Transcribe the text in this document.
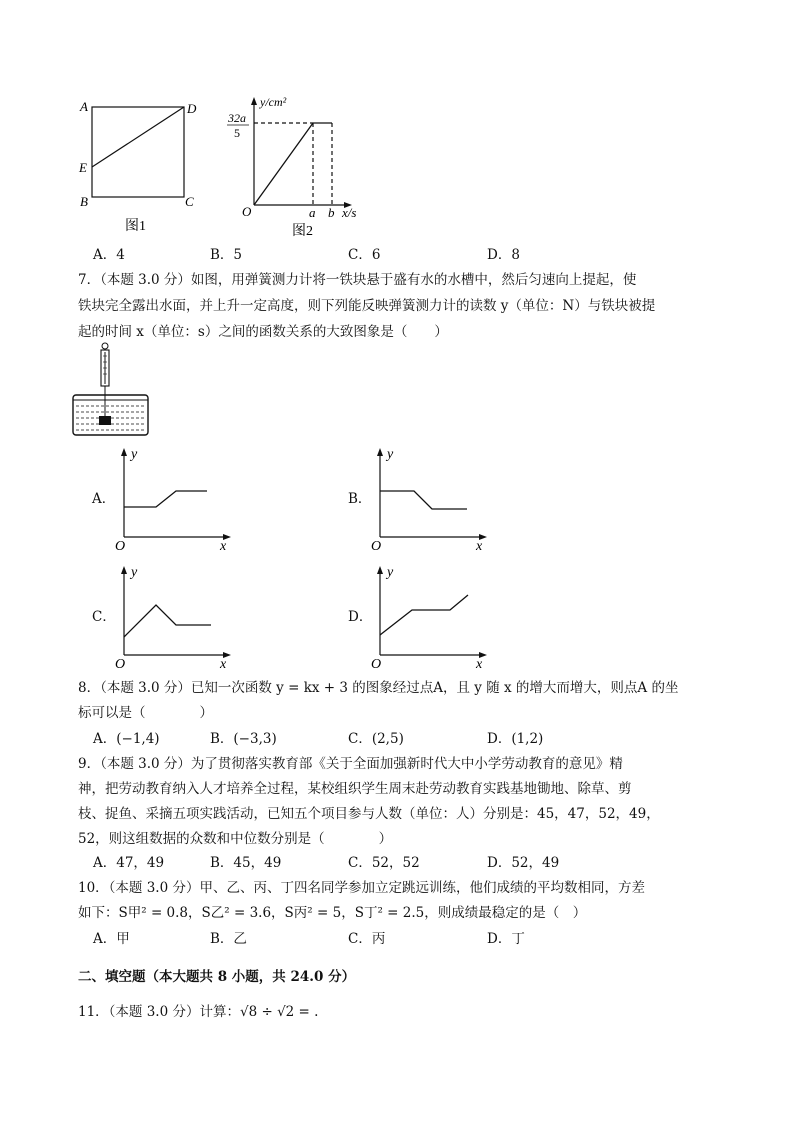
A	D
E
B	C
图1
y/cm²
32a
5
O	a b x/s
图2
A．4	B．5	C．6	D．8
7．（本题 3.0 分）如图，用弹簧测力计将一铁块悬于盛有水的水槽中，然后匀速向上提起，使
铁块完全露出水面，并上升一定高度，则下列能反映弹簧测力计的读数 y（单位：N）与铁块被提
起的时间 x（单位：s）之间的函数关系的大致图象是（　　）
A．
y
O	x
B．
y
O	x
C．
y
O	x
D．
y
O	x
8．（本题 3.0 分）已知一次函数 y = kx + 3 的图象经过点A，且 y 随 x 的增大而增大，则点A 的坐
标可以是（　　　　）
A．(−1,4)	B．(−3,3)	C．(2,5)	D．(1,2)
9．（本题 3.0 分）为了贯彻落实教育部《关于全面加强新时代大中小学劳动教育的意见》精
神，把劳动教育纳入人才培养全过程，某校组织学生周末赴劳动教育实践基地锄地、除草、剪
枝、捉鱼、采摘五项实践活动，已知五个项目参与人数（单位：人）分别是：45，47，52，49，
52，则这组数据的众数和中位数分别是（　　　　）
A．47，49	B．45，49	C．52，52	D．52，49
10．（本题 3.0 分）甲、乙、丙、丁四名同学参加立定跳远训练，他们成绩的平均数相同，方差
如下：S甲² = 0.8，S乙² = 3.6，S丙² = 5，S丁² = 2.5，则成绩最稳定的是（　）
A．甲	B．乙	C．丙	D．丁
二、填空题（本大题共 8 小题，共 24.0 分）
11．（本题 3.0 分）计算：√8 ÷ √2 = .
